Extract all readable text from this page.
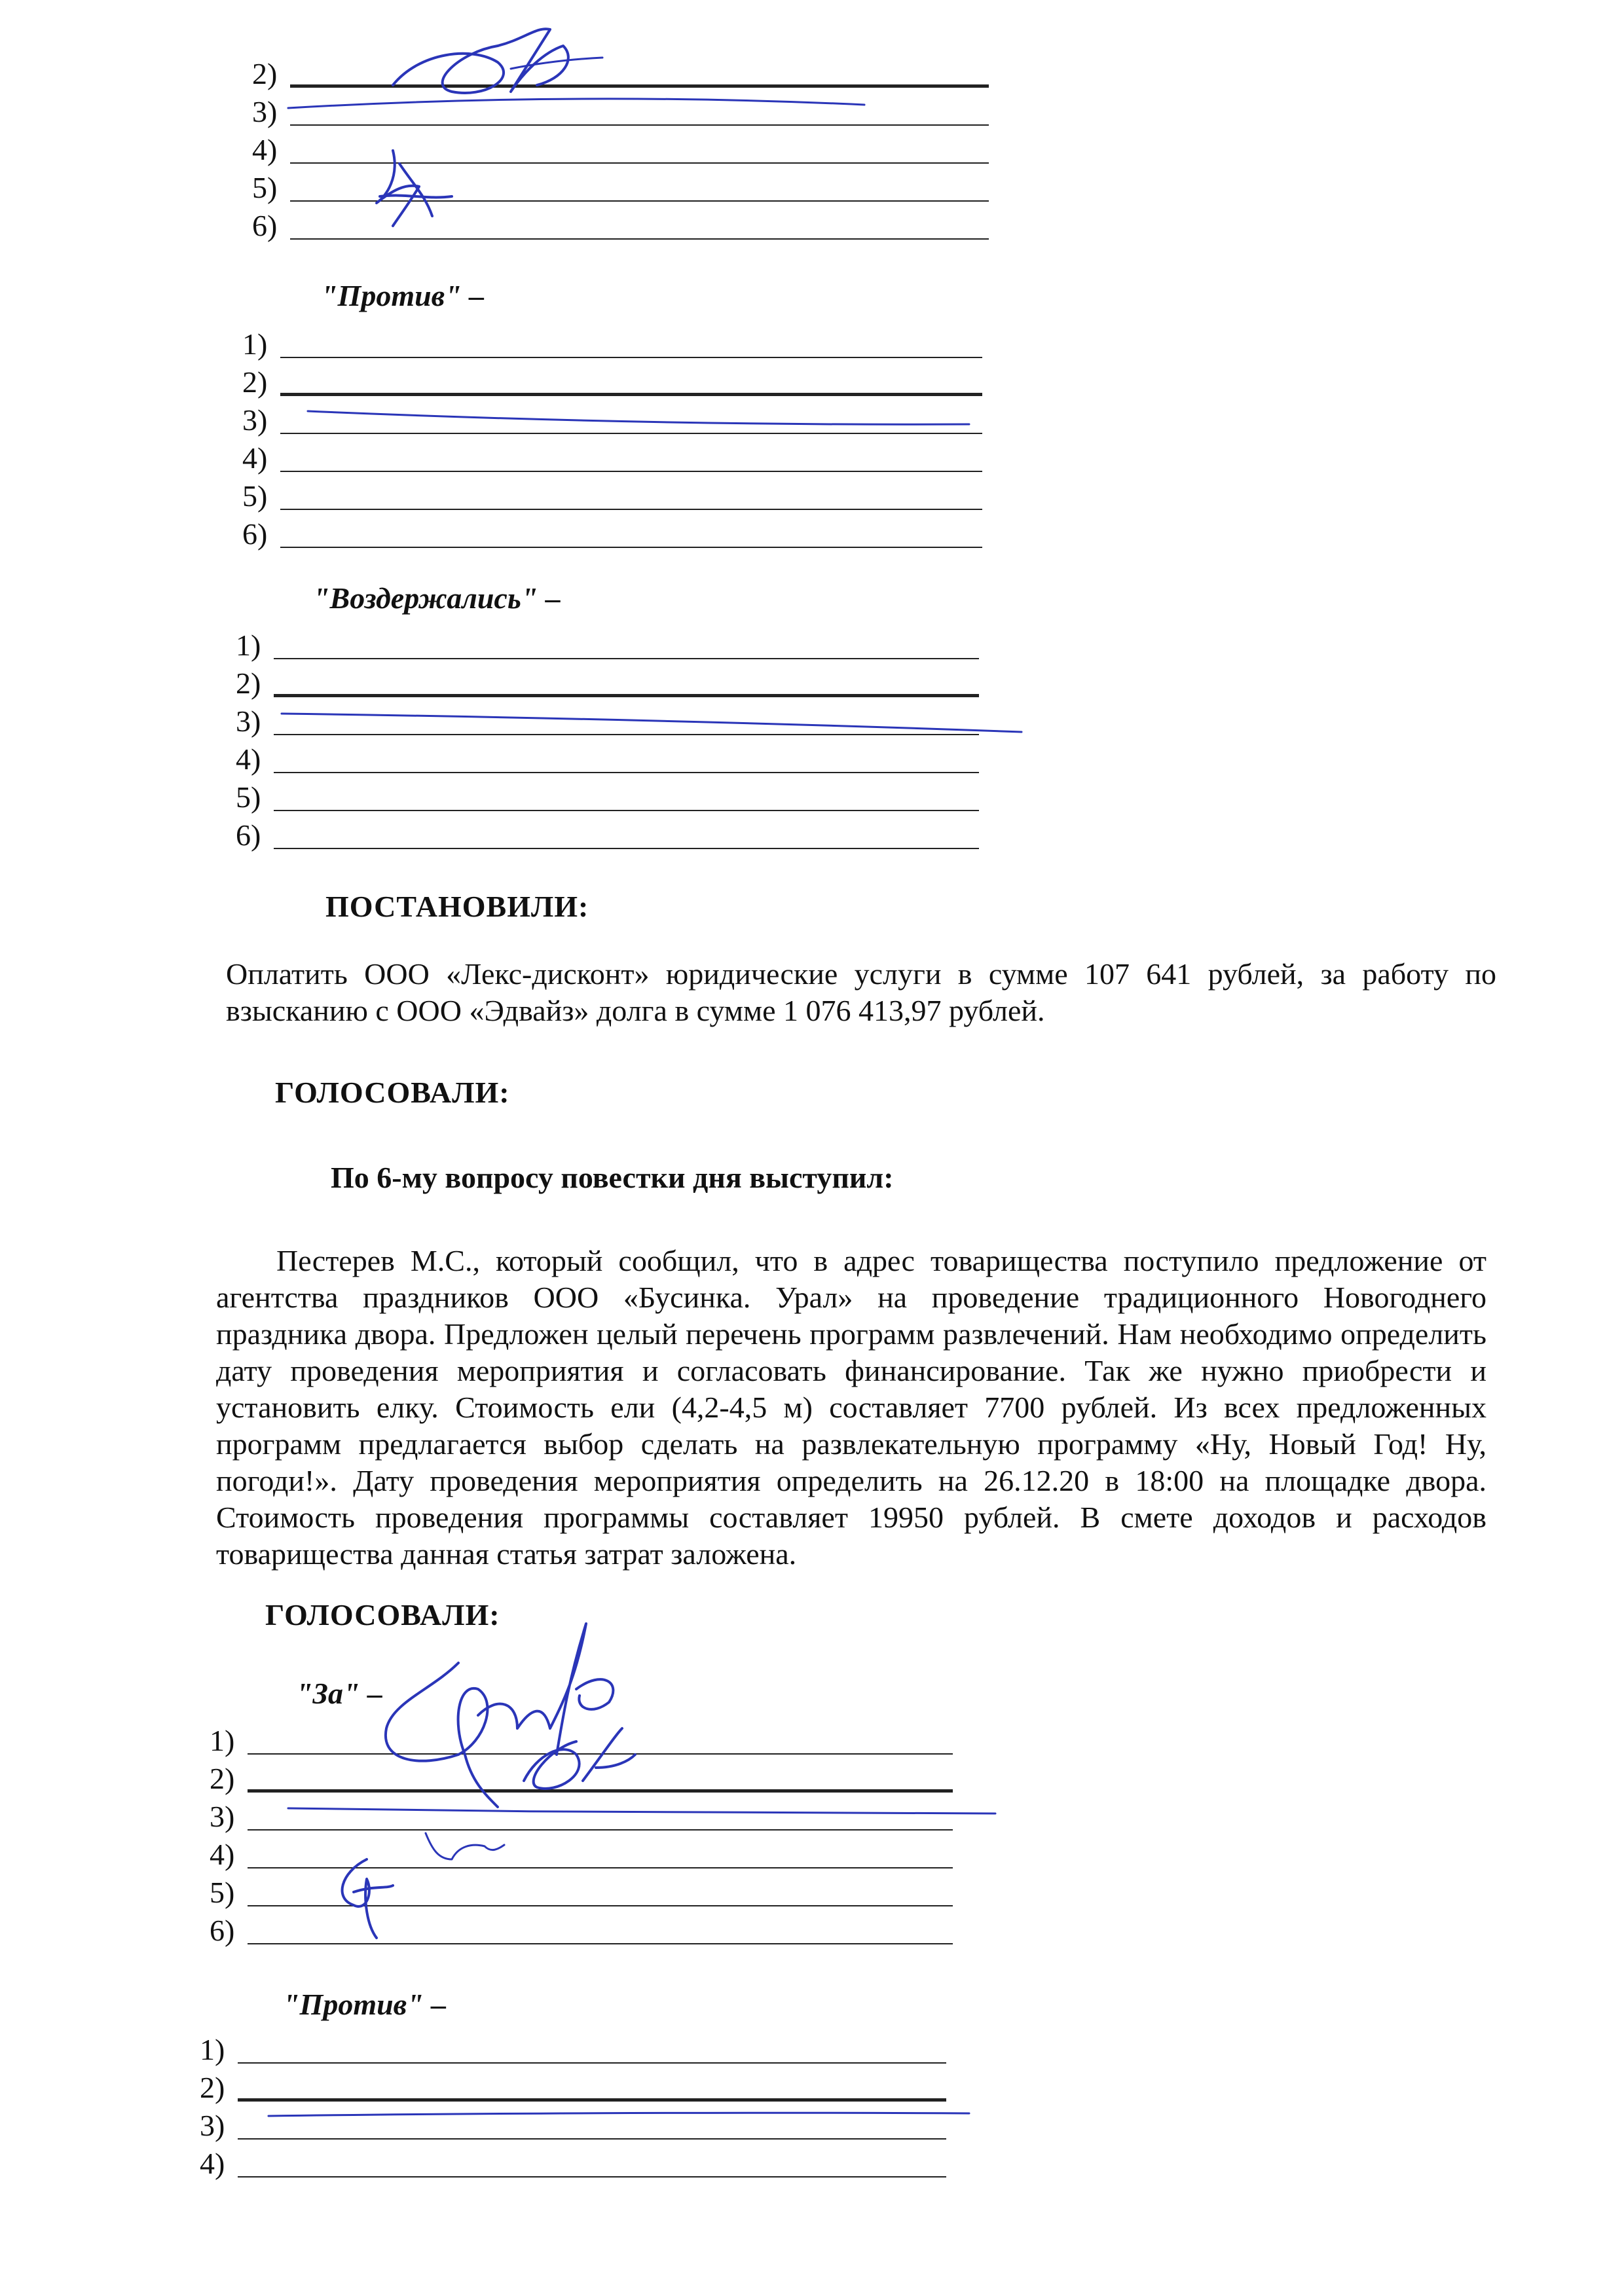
2)
3)
4)
5)
6)
"Против" –
1)
2)
3)
4)
5)
6)
"Воздержались" –
1)
2)
3)
4)
5)
6)
ПОСТАНОВИЛИ:
Оплатить ООО «Лекс-дисконт» юридические услуги в сумме 107 641 рублей, за работу по взысканию с ООО «Эдвайз» долга в сумме 1 076 413,97 рублей.
ГОЛОСОВАЛИ:
По 6-му вопросу повестки дня выступил:
Пестерев М.С., который сообщил, что в адрес товарищества поступило предложение от агентства праздников ООО «Бусинка. Урал» на проведение традиционного Новогоднего праздника двора. Предложен целый перечень программ развлечений. Нам необходимо определить дату проведения мероприятия и согласовать финансирование. Так же нужно приобрести и установить елку. Стоимость ели (4,2-4,5 м) составляет 7700 рублей. Из всех предложенных программ предлагается выбор сделать на развлекательную программу «Ну, Новый Год! Ну, погоди!». Дату проведения мероприятия определить на 26.12.20 в 18:00 на площадке двора. Стоимость проведения программы составляет 19950 рублей. В смете доходов и расходов товарищества данная статья затрат заложена.
ГОЛОСОВАЛИ:
"За" –
1)
2)
3)
4)
5)
6)
"Против" –
1)
2)
3)
4)
